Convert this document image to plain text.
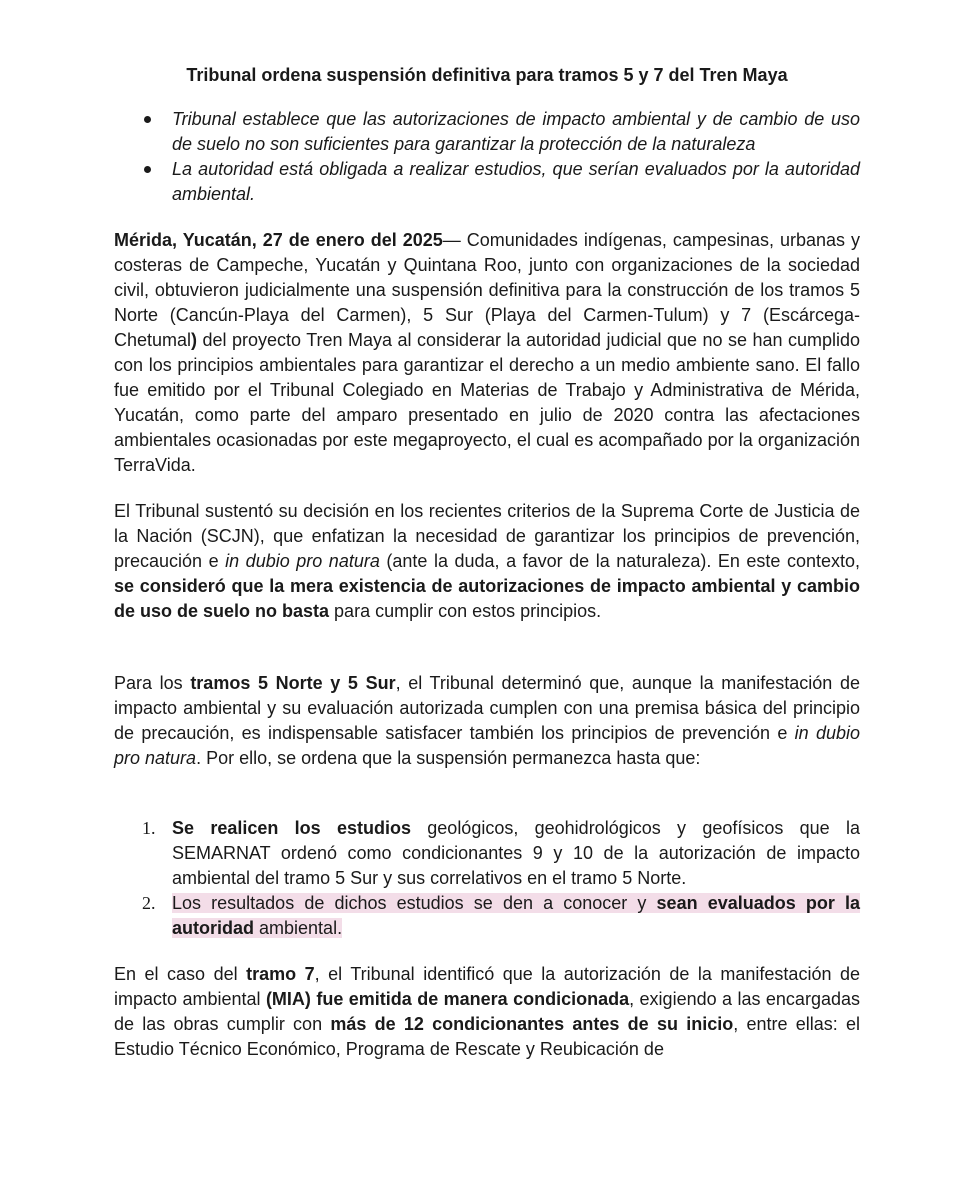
Tribunal ordena suspensión definitiva para tramos 5 y 7 del Tren Maya
Tribunal establece que las autorizaciones de impacto ambiental y de cambio de uso de suelo no son suficientes para garantizar la protección de la naturaleza
La autoridad está obligada a realizar estudios, que serían evaluados por la autoridad ambiental.

Mérida, Yucatán, 27 de enero del 2025— Comunidades indígenas, campesinas, urbanas y costeras de Campeche, Yucatán y Quintana Roo, junto con organizaciones de la sociedad civil, obtuvieron judicialmente una suspensión definitiva para la construcción de los tramos 5 Norte (Cancún-Playa del Carmen), 5 Sur (Playa del Carmen-Tulum) y 7 (Escárcega-Chetumal) del proyecto Tren Maya al considerar la autoridad judicial que no se han cumplido con los principios ambientales para garantizar el derecho a un medio ambiente sano. El fallo fue emitido por el Tribunal Colegiado en Materias de Trabajo y Administrativa de Mérida, Yucatán, como parte del amparo presentado en julio de 2020 contra las afectaciones ambientales ocasionadas por este megaproyecto, el cual es acompañado por la organización TerraVida.

El Tribunal sustentó su decisión en los recientes criterios de la Suprema Corte de Justicia de la Nación (SCJN), que enfatizan la necesidad de garantizar los principios de prevención, precaución e in dubio pro natura (ante la duda, a favor de la naturaleza). En este contexto, se consideró que la mera existencia de autorizaciones de impacto ambiental y cambio de uso de suelo no basta para cumplir con estos principios.

Para los tramos 5 Norte y 5 Sur, el Tribunal determinó que, aunque la manifestación de impacto ambiental y su evaluación autorizada cumplen con una premisa básica del principio de precaución, es indispensable satisfacer también los principios de prevención e in dubio pro natura. Por ello, se ordena que la suspensión permanezca hasta que:

1. Se realicen los estudios geológicos, geohidrológicos y geofísicos que la SEMARNAT ordenó como condicionantes 9 y 10 de la autorización de impacto ambiental del tramo 5 Sur y sus correlativos en el tramo 5 Norte.
2. Los resultados de dichos estudios se den a conocer y sean evaluados por la autoridad ambiental.

En el caso del tramo 7, el Tribunal identificó que la autorización de la manifestación de impacto ambiental (MIA) fue emitida de manera condicionada, exigiendo a las encargadas de las obras cumplir con más de 12 condicionantes antes de su inicio, entre ellas: el Estudio Técnico Económico, Programa de Rescate y Reubicación de
